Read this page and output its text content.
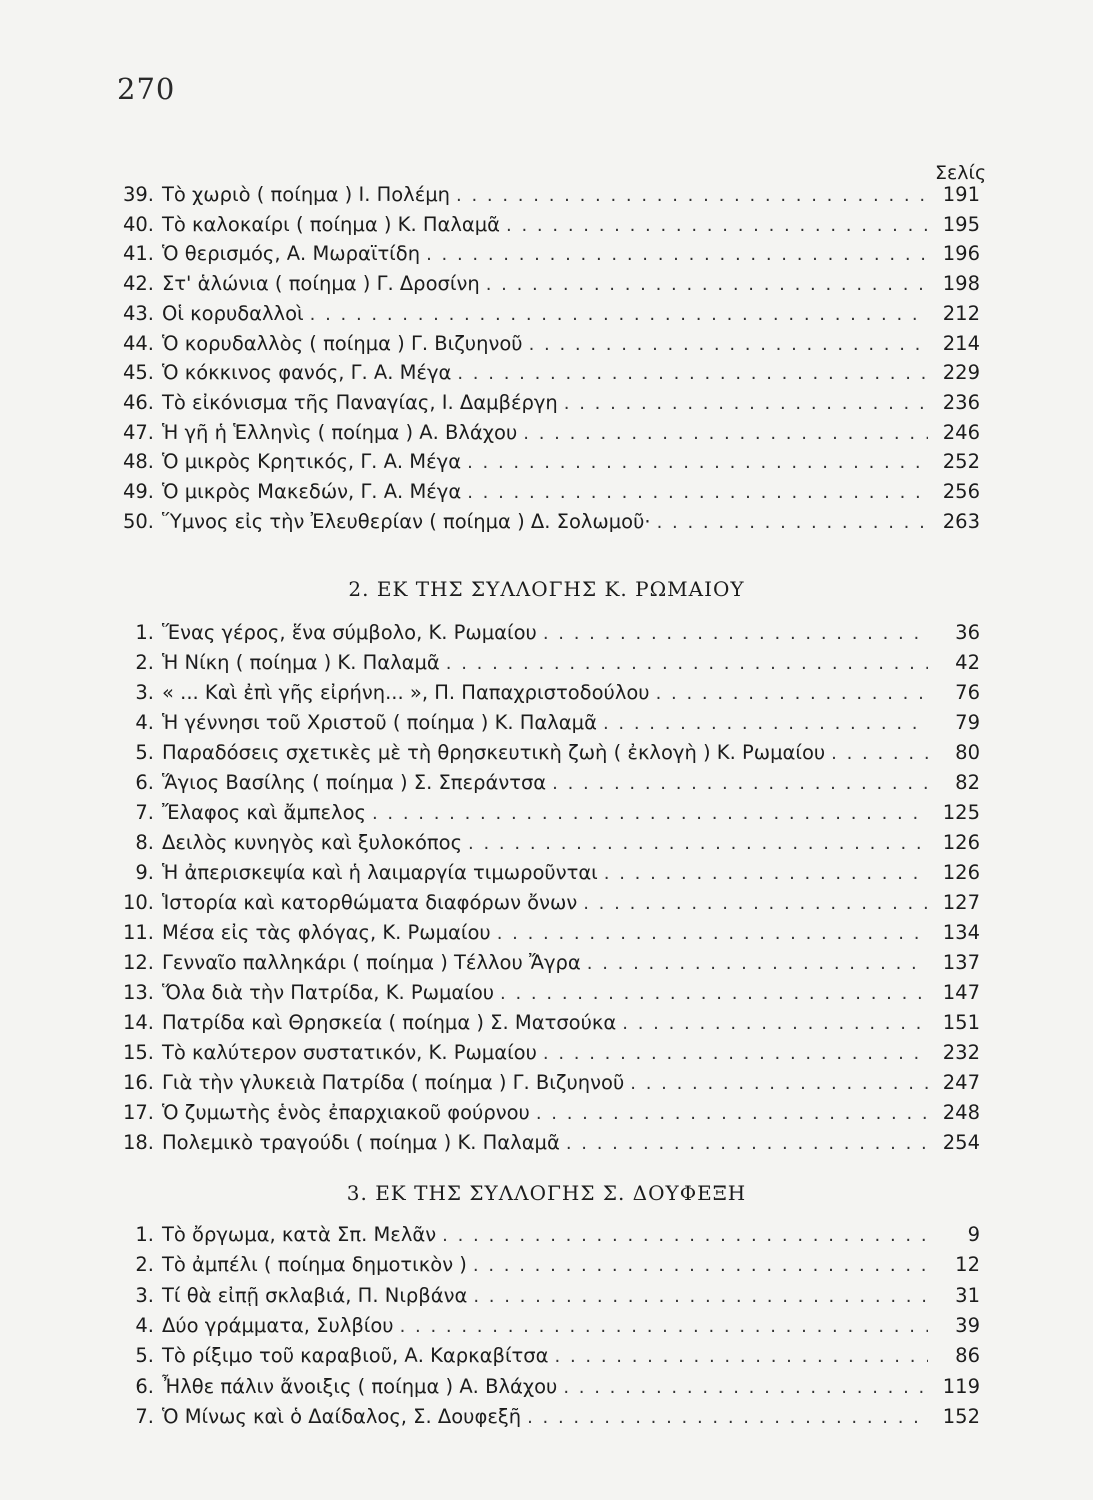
270
Σελίς
39. Τὸ χωριὸ ( ποίημα ) Ι. Πολέμη . . .	191
40. Τὸ καλοκαίρι ( ποίημα ) Κ. Παλαμᾶ . . .	195
41. Ὁ θερισμός, Α. Μωραϊτίδη . . .	196
42. Στ' ἁλώνια ( ποίημα ) Γ. Δροσίνη . . .	198
43. Οἱ κορυδαλλοὶ . . .	212
44. Ὁ κορυδαλλὸς ( ποίημα ) Γ. Βιζυηνοῦ . . .	214
45. Ὁ κόκκινος φανός, Γ. Α. Μέγα . . .	229
46. Τὸ εἰκόνισμα τῆς Παναγίας, Ι. Δαμβέργη . . .	236
47. Ἡ γῆ ἡ Ἑλληνὶς ( ποίημα ) Α. Βλάχου . . .	246
48. Ὁ μικρὸς Κρητικός, Γ. Α. Μέγα . . .	252
49. Ὁ μικρὸς Μακεδών, Γ. Α. Μέγα . . .	256
50. Ὕμνος εἰς τὴν Ἐλευθερίαν ( ποίημα ) Δ. Σολωμοῦ· . . .	263
1. Ἕνας γέρος, ἕνα σύμβολο, Κ. Ρωμαίου . . .	36
2. Ἡ Νίκη ( ποίημα ) Κ. Παλαμᾶ . . .	42
3. « ... Καὶ ἐπὶ γῆς εἰρήνη... », Π. Παπαχριστοδούλου . . .	76
4. Ἡ γέννησι τοῦ Χριστοῦ ( ποίημα ) Κ. Παλαμᾶ . . .	79
5. Παραδόσεις σχετικὲς μὲ τὴ θρησκευτικὴ ζωὴ ( ἐκλογὴ ) Κ. Ρωμαίου . . .	80
6. Ἅγιος Βασίλης ( ποίημα ) Σ. Σπεράντσα . . .	82
7. Ἔλαφος καὶ ἄμπελος . . .	125
8. Δειλὸς κυνηγὸς καὶ ξυλοκόπος . . .	126
9. Ἡ ἀπερισκεψία καὶ ἡ λαιμαργία τιμωροῦνται . . .	126
10. Ἱστορία καὶ κατορθώματα διαφόρων ὄνων . . .	127
11. Μέσα εἰς τὰς φλόγας, Κ. Ρωμαίου . . .	134
12. Γενναῖο παλληκάρι ( ποίημα ) Τέλλου Ἄγρα . . .	137
13. Ὅλα διὰ τὴν Πατρίδα, Κ. Ρωμαίου . . .	147
14. Πατρίδα καὶ Θρησκεία ( ποίημα ) Σ. Ματσούκα . . .	151
15. Τὸ καλύτερον συστατικόν, Κ. Ρωμαίου . . .	232
16. Γιὰ τὴν γλυκειὰ Πατρίδα ( ποίημα ) Γ. Βιζυηνοῦ . . .	247
17. Ὁ ζυμωτὴς ἑνὸς ἐπαρχιακοῦ φούρνου . . .	248
18. Πολεμικὸ τραγούδι ( ποίημα ) Κ. Παλαμᾶ . . .	254
1. Τὸ ὄργωμα, κατὰ Σπ. Μελᾶν . . .	9
2. Τὸ ἀμπέλι ( ποίημα δημοτικὸν ) . . .	12
3. Τί θὰ εἰπῇ σκλαβιά, Π. Νιρβάνα . . .	31
4. Δύο γράμματα, Συλβίου . . .	39
5. Τὸ ρίξιμο τοῦ καραβιοῦ, Α. Καρκαβίτσα . . .	86
6. Ἦλθε πάλιν ἄνοιξις ( ποίημα ) Α. Βλάχου . . .	119
7. Ὁ Μίνως καὶ ὁ Δαίδαλος, Σ. Δουφεξῆ . . .	152
2. ΕΚ ΤΗΣ ΣΥΛΛΟΓΗΣ Κ. ΡΩΜΑΙΟΥ
3. ΕΚ ΤΗΣ ΣΥΛΛΟΓΗΣ Σ. ΔΟΥΦΕΞΗ
